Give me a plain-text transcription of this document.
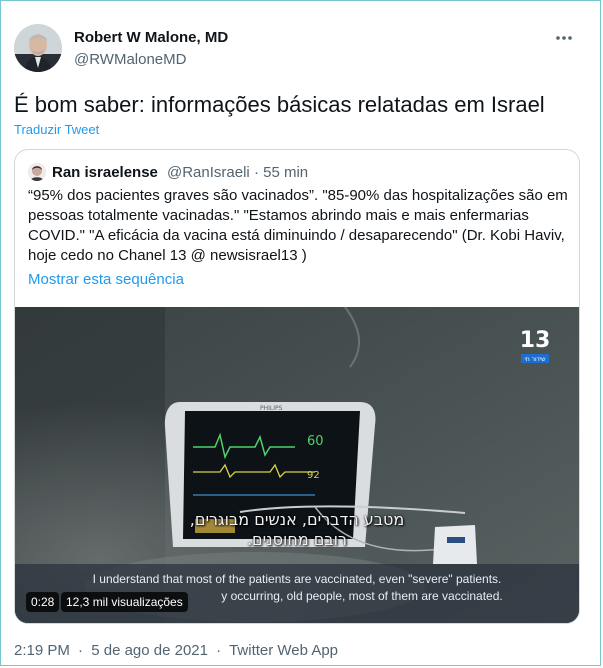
Robert W Malone, MD
@RWMaloneMD
É bom saber: informações básicas relatadas em Israel
Traduzir Tweet
Ran israelense @RanIsraeli · 55 min
“95% dos pacientes graves são vacinados”. "85-90% das hospitalizações são em
pessoas totalmente vacinadas." "Estamos abrindo mais e mais enfermarias
COVID." "A eficácia da vacina está diminuindo / desaparecendo" (Dr. Kobi Haviv,
hoje cedo no Chanel 13 @ newsisrael13 )
Mostrar esta sequência
PHILIPS
60
92
13
שידור חי
מטבע הדברים, אנשים מבוגרים,
רובם מחוסנים.
I understand that most of the patients are vaccinated, even "severe" patients.
y occurring, old people, most of them are vaccinated.
0:28 12,3 mil visualizações
2:19 PM · 5 de ago de 2021 · Twitter Web App
